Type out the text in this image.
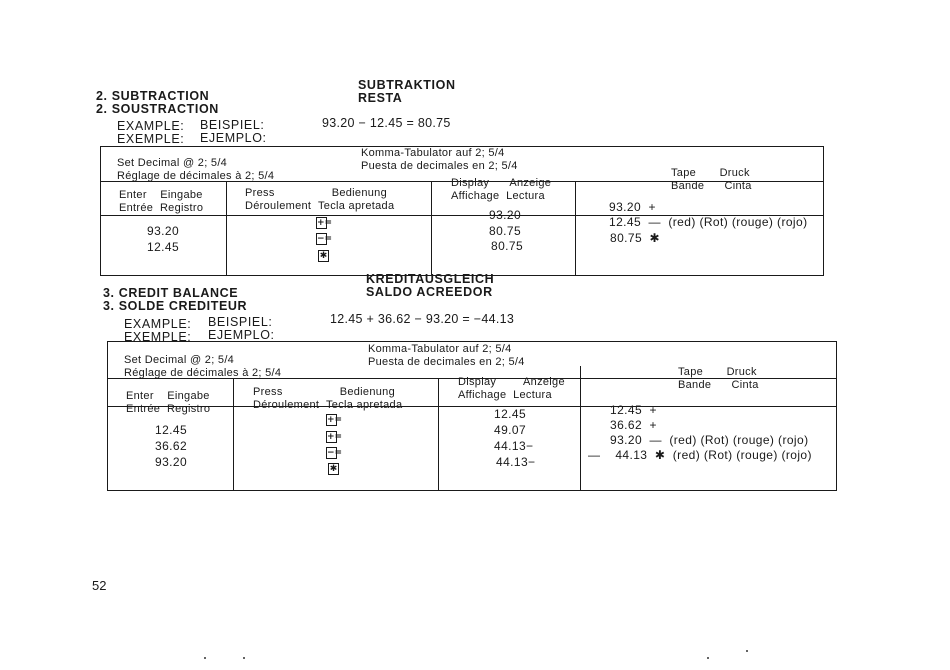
2. SUBTRACTION
2. SOUSTRACTION
SUBTRAKTION
RESTA
EXAMPLE:
EXEMPLE:
BEISPIEL:
EJEMPLO:
93.20 − 12.45 = 80.75
Set Decimal @ 2; 5/4
Réglage de décimales à 2; 5/4
Komma-Tabulator auf 2; 5/4
Puesta de decimales en 2; 5/4
Enter Eingabe
Entrée Registro
Press	Bedienung
Déroulement Tecla apretada
Display Anzeige
Affichage Lectura
Tape Druck
Bande Cinta
93.20
12.45
+=
−=
✱
93.20
80.75
80.75
93.20 +
12.45 — (red) (Rot) (rouge) (rojo)
80.75 ✱
3. CREDIT BALANCE
3. SOLDE CREDITEUR
KREDITAUSGLEICH
SALDO ACREEDOR
EXAMPLE:
EXEMPLE:
BEISPIEL:
EJEMPLO:
12.45 + 36.62 − 93.20 = −44.13
Set Decimal @ 2; 5/4
Réglage de décimales à 2; 5/4
Komma-Tabulator auf 2; 5/4
Puesta de decimales en 2; 5/4
Enter Eingabe
Entrée Registro
Press	Bedienung
Déroulement Tecla apretada
Display Anzeige
Affichage Lectura
Tape Druck
Bande Cinta
12.45
36.62
93.20
+=
+=
−=
✱
12.45
49.07
44.13−
44.13−
12.45 +
36.62 +
93.20 — (red) (Rot) (rouge) (rojo)
— 44.13 ✱ (red) (Rot) (rouge) (rojo)
52
